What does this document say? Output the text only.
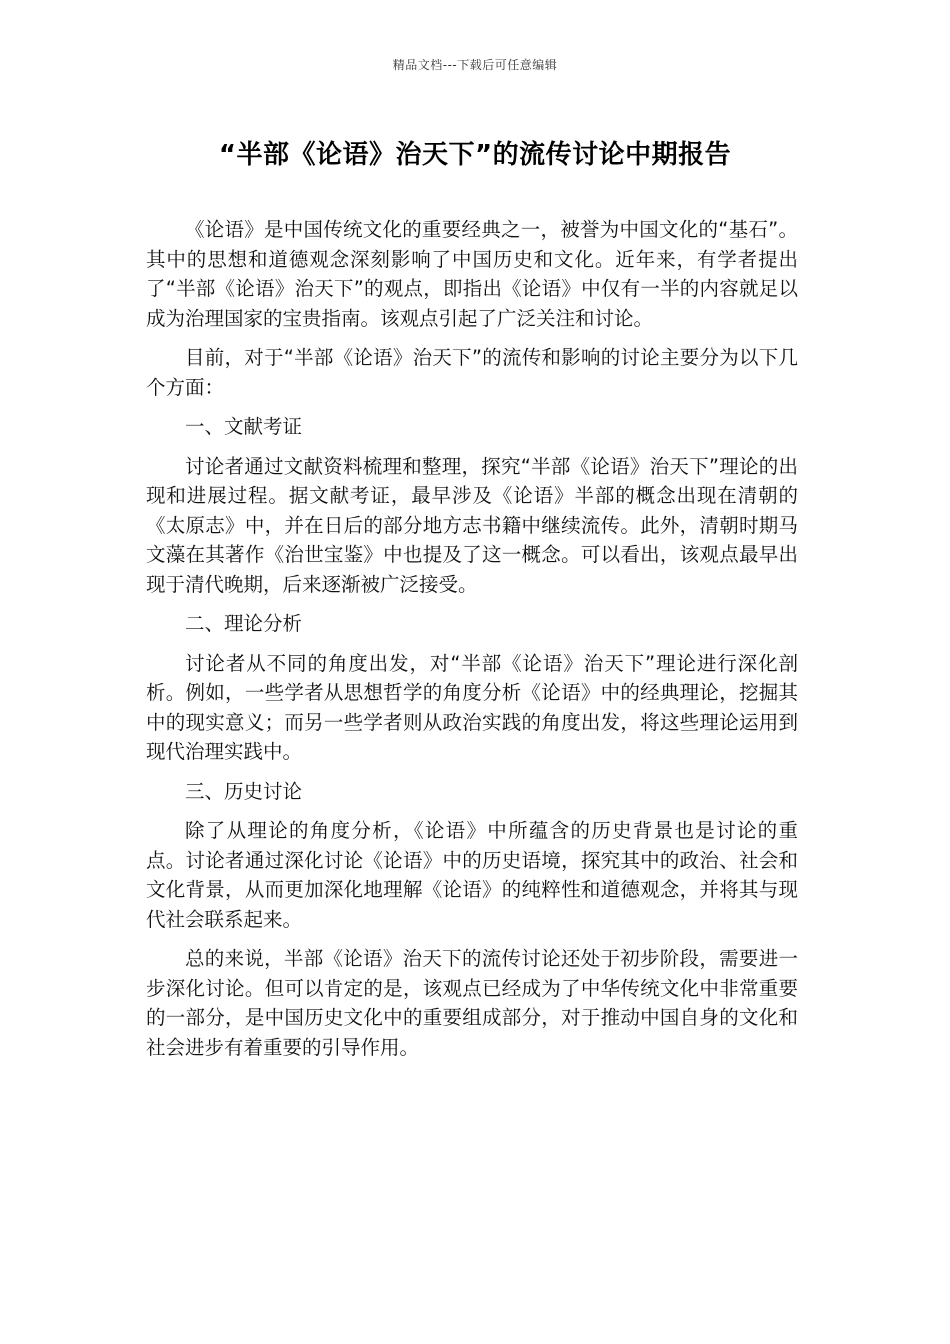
精品文档---下载后可任意编辑
“半部《论语》治天下”的流传讨论中期报告

《论语》是中国传统文化的重要经典之一，被誉为中国文化的“基石”。其中的思想和道德观念深刻影响了中国历史和文化。近年来，有学者提出了“半部《论语》治天下”的观点，即指出《论语》中仅有一半的内容就足以成为治理国家的宝贵指南。该观点引起了广泛关注和讨论。

目前，对于“半部《论语》治天下”的流传和影响的讨论主要分为以下几个方面：

一、文献考证

讨论者通过文献资料梳理和整理，探究“半部《论语》治天下”理论的出现和进展过程。据文献考证，最早涉及《论语》半部的概念出现在清朝的《太原志》中，并在日后的部分地方志书籍中继续流传。此外，清朝时期马文藻在其著作《治世宝鉴》中也提及了这一概念。可以看出，该观点最早出现于清代晚期，后来逐渐被广泛接受。

二、理论分析

讨论者从不同的角度出发，对“半部《论语》治天下”理论进行深化剖析。例如，一些学者从思想哲学的角度分析《论语》中的经典理论，挖掘其中的现实意义；而另一些学者则从政治实践的角度出发，将这些理论运用到现代治理实践中。

三、历史讨论

除了从理论的角度分析，《论语》中所蕴含的历史背景也是讨论的重点。讨论者通过深化讨论《论语》中的历史语境，探究其中的政治、社会和文化背景，从而更加深化地理解《论语》的纯粹性和道德观念，并将其与现代社会联系起来。

总的来说，半部《论语》治天下的流传讨论还处于初步阶段，需要进一步深化讨论。但可以肯定的是，该观点已经成为了中华传统文化中非常重要的一部分，是中国历史文化中的重要组成部分，对于推动中国自身的文化和社会进步有着重要的引导作用。
